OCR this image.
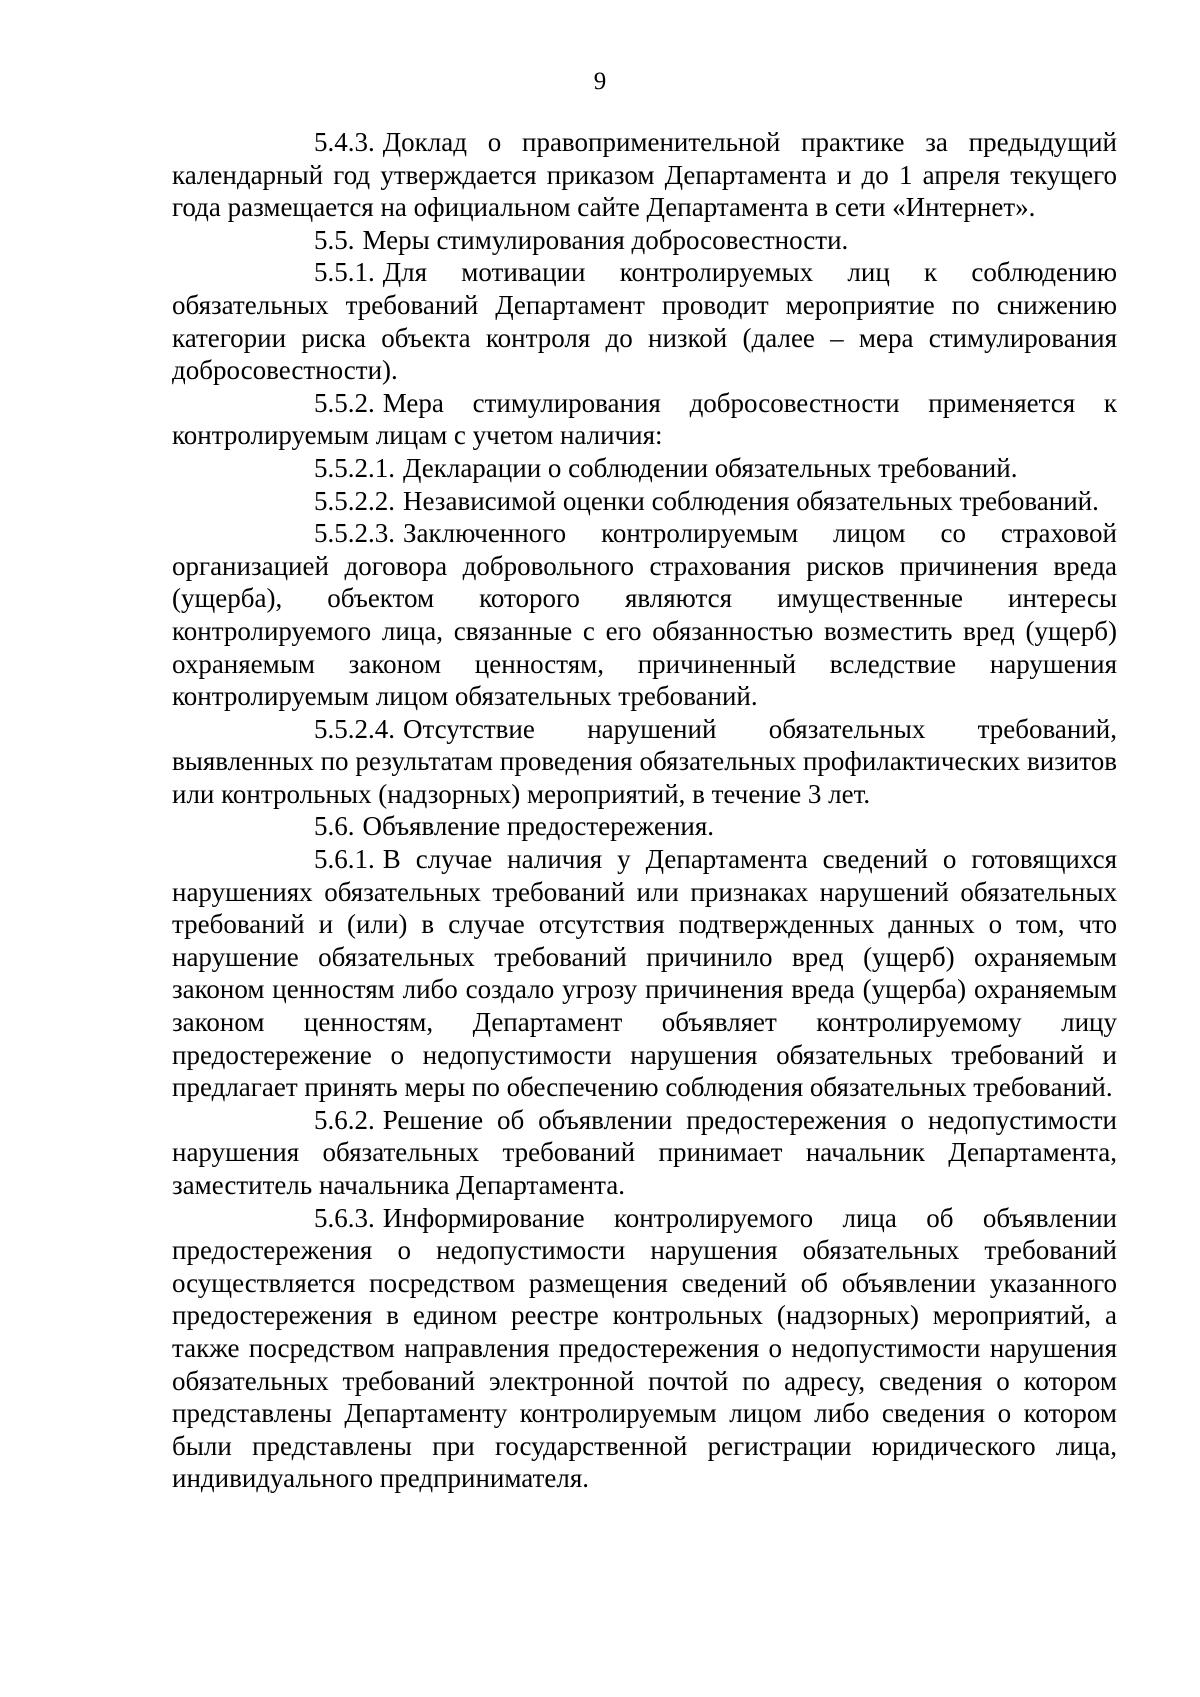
9

5.4.3. Доклад о правоприменительной практике за предыдущий календарный год утверждается приказом Департамента и до 1 апреля текущего года размещается на официальном сайте Департамента в сети «Интернет».

5.5. Меры стимулирования добросовестности.

5.5.1. Для мотивации контролируемых лиц к соблюдению обязательных требований Департамент проводит мероприятие по снижению категории риска объекта контроля до низкой (далее – мера стимулирования добросовестности).

5.5.2. Мера стимулирования добросовестности применяется к контролируемым лицам с учетом наличия:

5.5.2.1. Декларации о соблюдении обязательных требований.

5.5.2.2. Независимой оценки соблюдения обязательных требований.

5.5.2.3. Заключенного контролируемым лицом со страховой организацией договора добровольного страхования рисков причинения вреда (ущерба), объектом которого являются имущественные интересы контролируемого лица, связанные с его обязанностью возместить вред (ущерб) охраняемым законом ценностям, причиненный вследствие нарушения контролируемым лицом обязательных требований.

5.5.2.4. Отсутствие нарушений обязательных требований, выявленных по результатам проведения обязательных профилактических визитов или контрольных (надзорных) мероприятий, в течение 3 лет.

5.6. Объявление предостережения.

5.6.1. В случае наличия у Департамента сведений о готовящихся нарушениях обязательных требований или признаках нарушений обязательных требований и (или) в случае отсутствия подтвержденных данных о том, что нарушение обязательных требований причинило вред (ущерб) охраняемым законом ценностям либо создало угрозу причинения вреда (ущерба) охраняемым законом ценностям, Департамент объявляет контролируемому лицу предостережение о недопустимости нарушения обязательных требований и предлагает принять меры по обеспечению соблюдения обязательных требований.

5.6.2. Решение об объявлении предостережения о недопустимости нарушения обязательных требований принимает начальник Департамента, заместитель начальника Департамента.

5.6.3. Информирование контролируемого лица об объявлении предостережения о недопустимости нарушения обязательных требований осуществляется посредством размещения сведений об объявлении указанного предостережения в едином реестре контрольных (надзорных) мероприятий, а также посредством направления предостережения о недопустимости нарушения обязательных требований электронной почтой по адресу, сведения о котором представлены Департаменту контролируемым лицом либо сведения о котором были представлены при государственной регистрации юридического лица, индивидуального предпринимателя.
